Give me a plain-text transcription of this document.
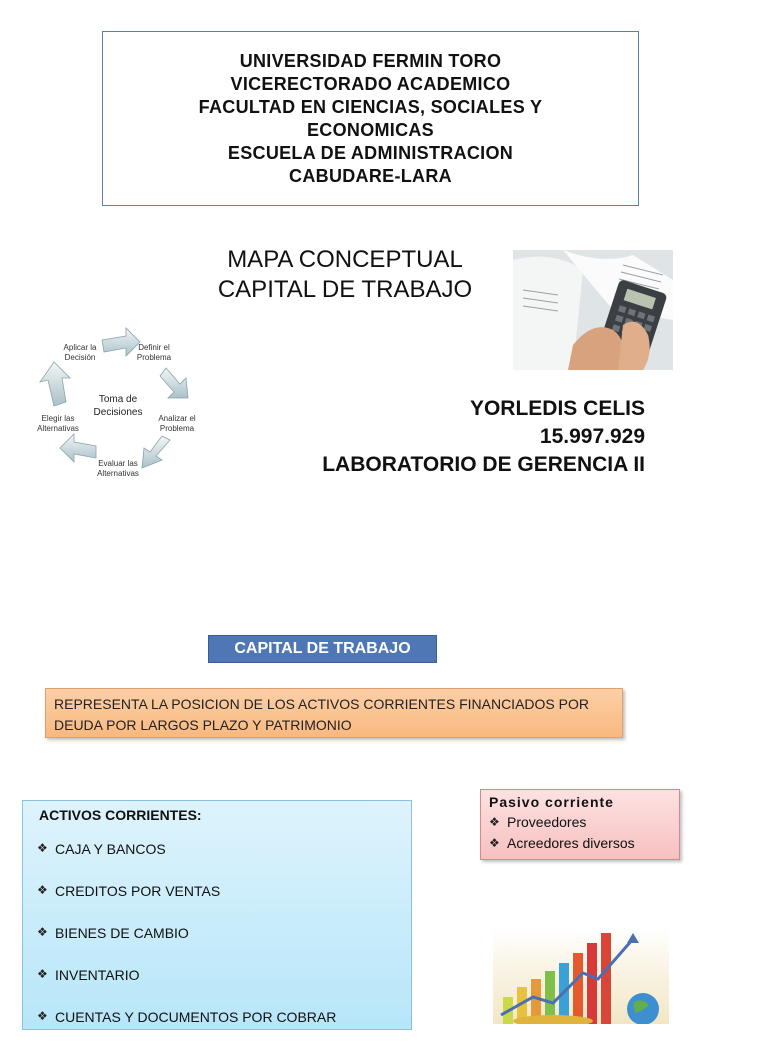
UNIVERSIDAD FERMIN TORO
VICERECTORADO ACADEMICO
FACULTAD EN CIENCIAS, SOCIALES Y
ECONOMICAS
ESCUELA DE ADMINISTRACION
CABUDARE-LARA
MAPA CONCEPTUAL
CAPITAL DE TRABAJO
Toma de
Decisiones
Definir el
Problema
Analizar el
Problema
Evaluar las
Alternativas
Elegir las
Alternativas
Aplicar la
Decisión
YORLEDIS CELIS
15.997.929
LABORATORIO DE GERENCIA II
CAPITAL DE TRABAJO
REPRESENTA LA POSICION DE LOS ACTIVOS CORRIENTES FINANCIADOS POR
DEUDA POR LARGOS PLAZO Y PATRIMONIO
ACTIVOS CORRIENTES:
❖ CAJA Y BANCOS
❖ CREDITOS POR VENTAS
❖ BIENES DE CAMBIO
❖ INVENTARIO
❖ CUENTAS Y DOCUMENTOS POR COBRAR
Pasivo corriente
❖ Proveedores
❖ Acreedores diversos
